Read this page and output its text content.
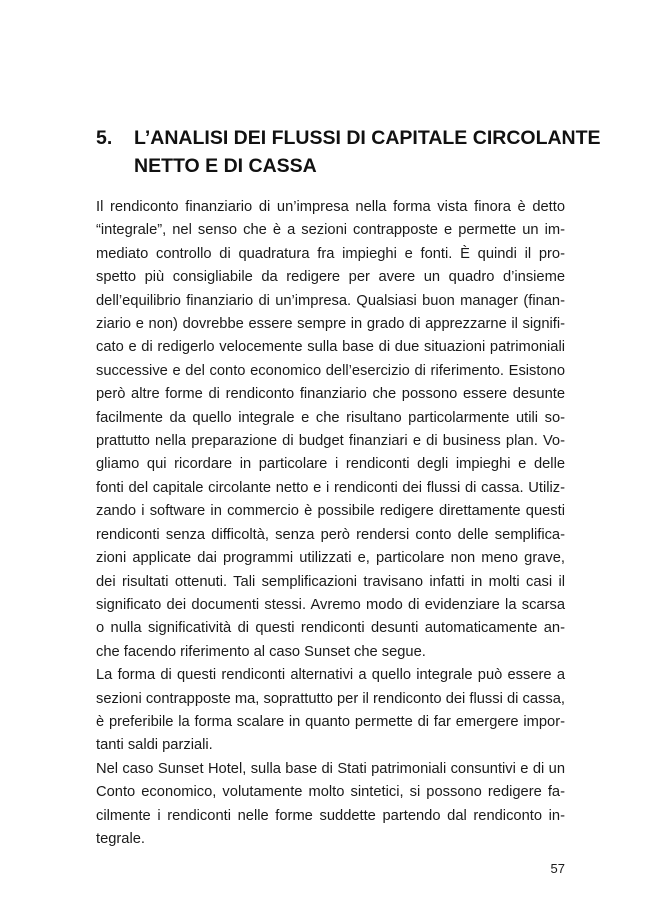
5.	L’ANALISI DEI FLUSSI DI CAPITALE CIRCOLANTE
NETTO E DI CASSA
Il rendiconto finanziario di un’impresa nella forma vista finora è detto
“integrale”, nel senso che è a sezioni contrapposte e permette un im-
mediato controllo di quadratura fra impieghi e fonti. È quindi il pro-
spetto più consigliabile da redigere per avere un quadro d’insieme
dell’equilibrio finanziario di un’impresa. Qualsiasi buon manager (finan-
ziario e non) dovrebbe essere sempre in grado di apprezzarne il signifi-
cato e di redigerlo velocemente sulla base di due situazioni patrimoniali
successive e del conto economico dell’esercizio di riferimento. Esistono
però altre forme di rendiconto finanziario che possono essere desunte
facilmente da quello integrale e che risultano particolarmente utili so-
prattutto nella preparazione di budget finanziari e di business plan. Vo-
gliamo qui ricordare in particolare i rendiconti degli impieghi e delle
fonti del capitale circolante netto e i rendiconti dei flussi di cassa. Utiliz-
zando i software in commercio è possibile redigere direttamente questi
rendiconti senza difficoltà, senza però rendersi conto delle semplifica-
zioni applicate dai programmi utilizzati e, particolare non meno grave,
dei risultati ottenuti. Tali semplificazioni travisano infatti in molti casi il
significato dei documenti stessi. Avremo modo di evidenziare la scarsa
o nulla significatività di questi rendiconti desunti automaticamente an-
che facendo riferimento al caso Sunset che segue.
La forma di questi rendiconti alternativi a quello integrale può essere a
sezioni contrapposte ma, soprattutto per il rendiconto dei flussi di cassa,
è preferibile la forma scalare in quanto permette di far emergere impor-
tanti saldi parziali.
Nel caso Sunset Hotel, sulla base di Stati patrimoniali consuntivi e di un
Conto economico, volutamente molto sintetici, si possono redigere fa-
cilmente i rendiconti nelle forme suddette partendo dal rendiconto in-
tegrale.
57
